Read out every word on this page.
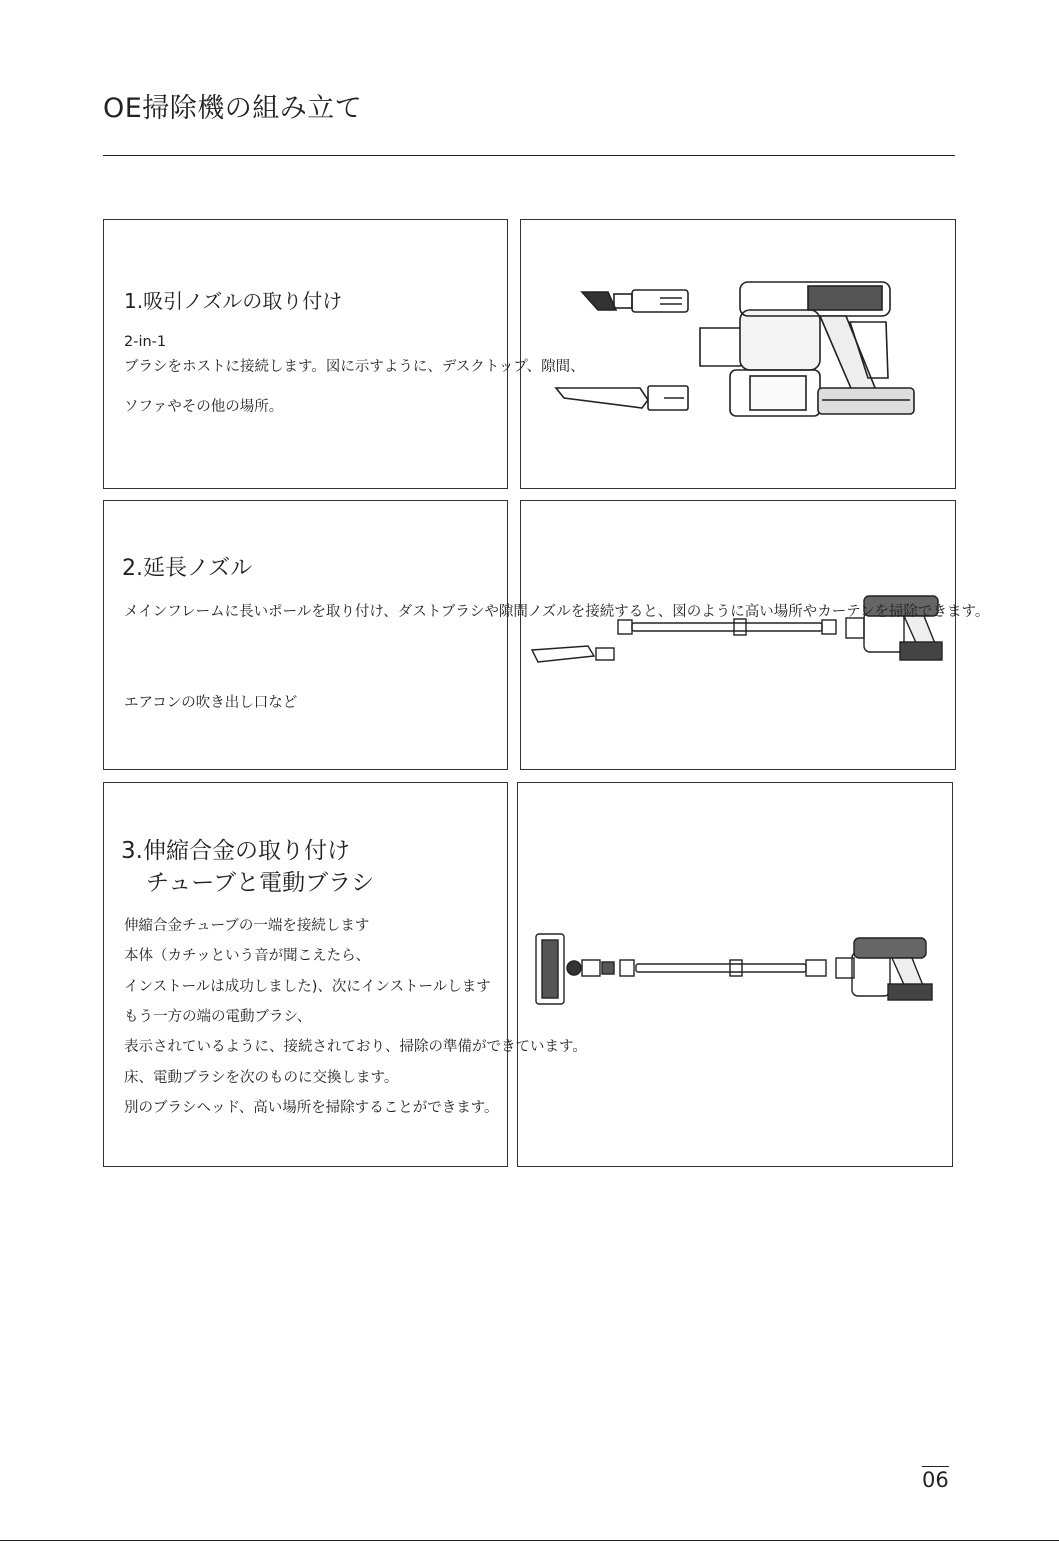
OE掃除機の組み立て
1.吸引ノズルの取り付け

2-in-1

ブラシをホストに接続します。図に示すように、デスクトップ、隙間、

ソファやその他の場所。

2.延長ノズル

メインフレームに長いポールを取り付け、ダストブラシや隙間ノズルを接続すると、図のように高い場所やカーテンを掃除できます。

エアコンの吹き出し口など

3.伸縮合金の取り付け
チューブと電動ブラシ

伸縮合金チューブの一端を接続します

本体（カチッという音が聞こえたら、

インストールは成功しました)、次にインストールします

もう一方の端の電動ブラシ、

表示されているように、接続されており、掃除の準備ができています。

床、電動ブラシを次のものに交換します。

別のブラシヘッド、高い場所を掃除することができます。

06
